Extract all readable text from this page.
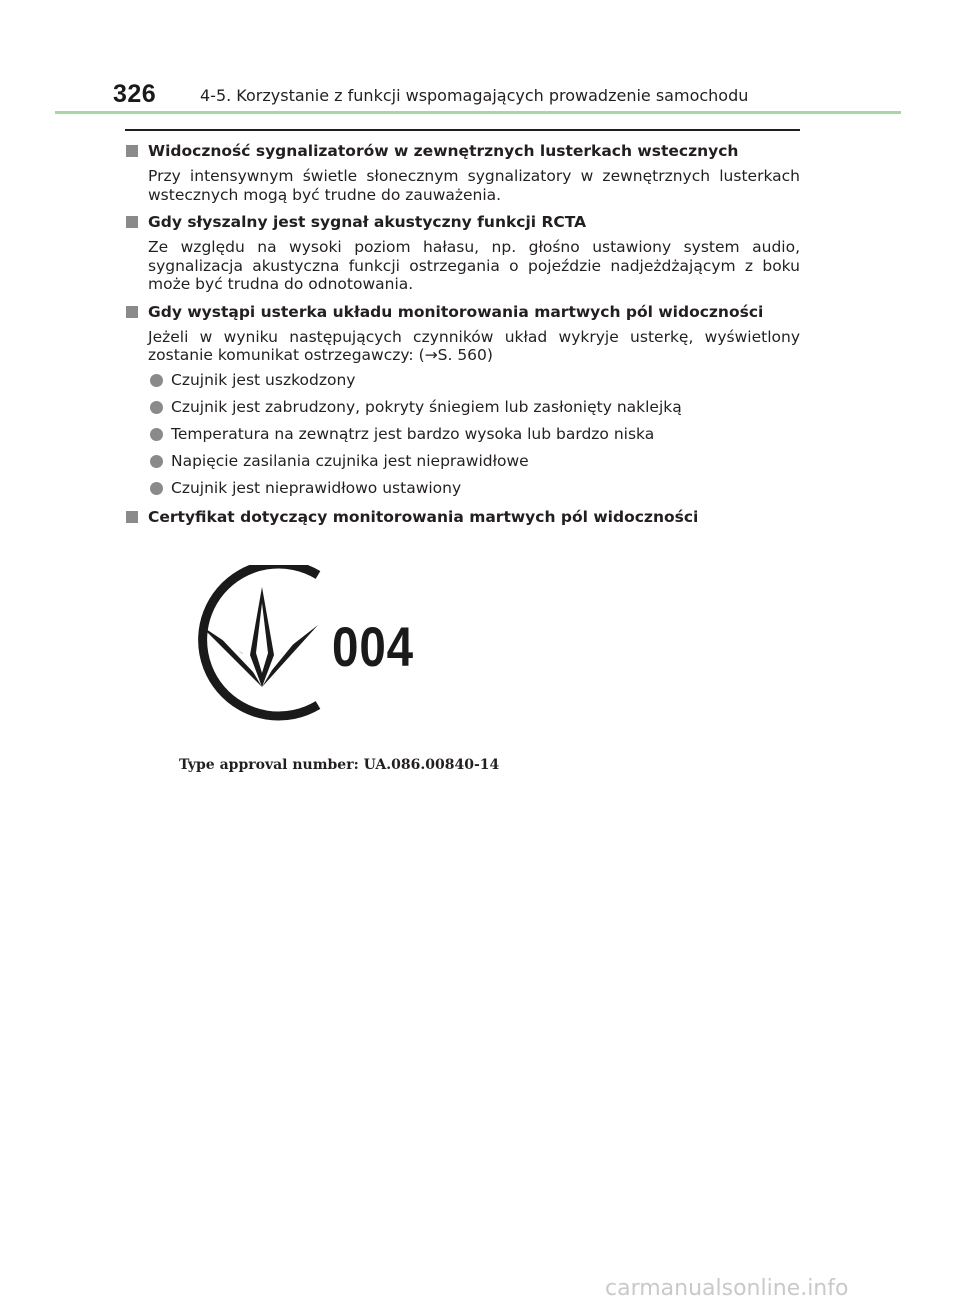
326	4-5. Korzystanie z funkcji wspomagających prowadzenie samochodu
Widoczność sygnalizatorów w zewnętrznych lusterkach wstecznych
Przy intensywnym świetle słonecznym sygnalizatory w zewnętrznych lusterkach wstecznych mogą być trudne do zauważenia.
Gdy słyszalny jest sygnał akustyczny funkcji RCTA
Ze względu na wysoki poziom hałasu, np. głośno ustawiony system audio, sygnalizacja akustyczna funkcji ostrzegania o pojeździe nadjeżdżającym z boku może być trudna do odnotowania.
Gdy wystąpi usterka układu monitorowania martwych pól widoczności
Jeżeli w wyniku następujących czynników układ wykryje usterkę, wyświetlony zostanie komunikat ostrzegawczy: (→S. 560)
Czujnik jest uszkodzony
Czujnik jest zabrudzony, pokryty śniegiem lub zasłonięty naklejką
Temperatura na zewnątrz jest bardzo wysoka lub bardzo niska
Napięcie zasilania czujnika jest nieprawidłowe
Czujnik jest nieprawidłowo ustawiony
Certyfikat dotyczący monitorowania martwych pól widoczności
004
Type approval number: UA.086.00840-14
carmanualsonline.info
